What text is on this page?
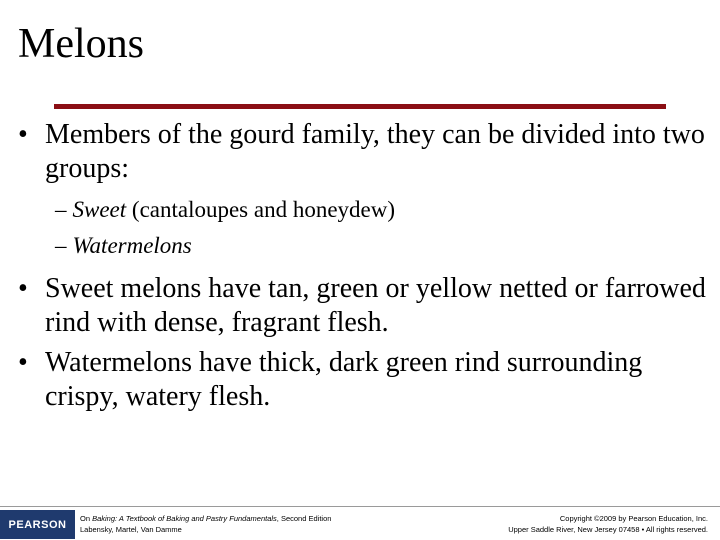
Melons
• Members of the gourd family, they can be divided into two groups:
– Sweet (cantaloupes and honeydew)
– Watermelons
• Sweet melons have tan, green or yellow netted or farrowed rind with dense, fragrant flesh.
• Watermelons have thick, dark green rind surrounding crispy, watery flesh.
PEARSON	On Baking: A Textbook of Baking and Pastry Fundamentals, Second Edition
Labensky, Martel, Van Damme
Copyright ©2009 by Pearson Education, Inc.
Upper Saddle River, New Jersey 07458 • All rights reserved.
